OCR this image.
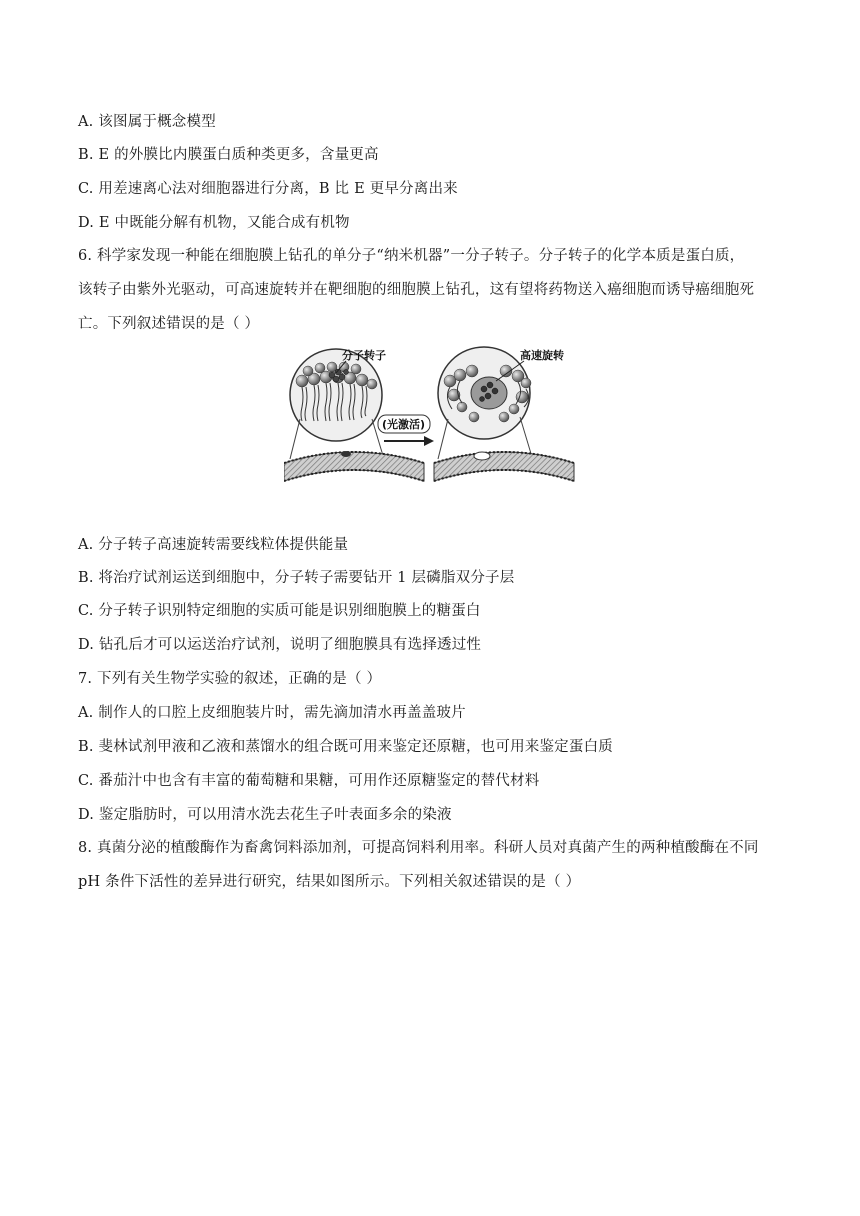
A. 该图属于概念模型
B. E 的外膜比内膜蛋白质种类更多，含量更高
C. 用差速离心法对细胞器进行分离，B 比 E 更早分离出来
D. E 中既能分解有机物，又能合成有机物
6. 科学家发现一种能在细胞膜上钻孔的单分子“纳米机器”一分子转子。分子转子的化学本质是蛋白质，
该转子由紫外光驱动，可高速旋转并在靶细胞的细胞膜上钻孔，这有望将药物送入癌细胞而诱导癌细胞死
亡。下列叙述错误的是（ ）
分子转子
(光激活)
高速旋转
A. 分子转子高速旋转需要线粒体提供能量
B. 将治疗试剂运送到细胞中，分子转子需要钻开 1 层磷脂双分子层
C. 分子转子识别特定细胞的实质可能是识别细胞膜上的糖蛋白
D. 钻孔后才可以运送治疗试剂，说明了细胞膜具有选择透过性
7. 下列有关生物学实验的叙述，正确的是（ ）
A. 制作人的口腔上皮细胞装片时，需先滴加清水再盖盖玻片
B. 斐林试剂甲液和乙液和蒸馏水的组合既可用来鉴定还原糖，也可用来鉴定蛋白质
C. 番茄汁中也含有丰富的葡萄糖和果糖，可用作还原糖鉴定的替代材料
D. 鉴定脂肪时，可以用清水洗去花生子叶表面多余的染液
8. 真菌分泌的植酸酶作为畜禽饲料添加剂，可提高饲料利用率。科研人员对真菌产生的两种植酸酶在不同
pH 条件下活性的差异进行研究，结果如图所示。下列相关叙述错误的是（ ）
